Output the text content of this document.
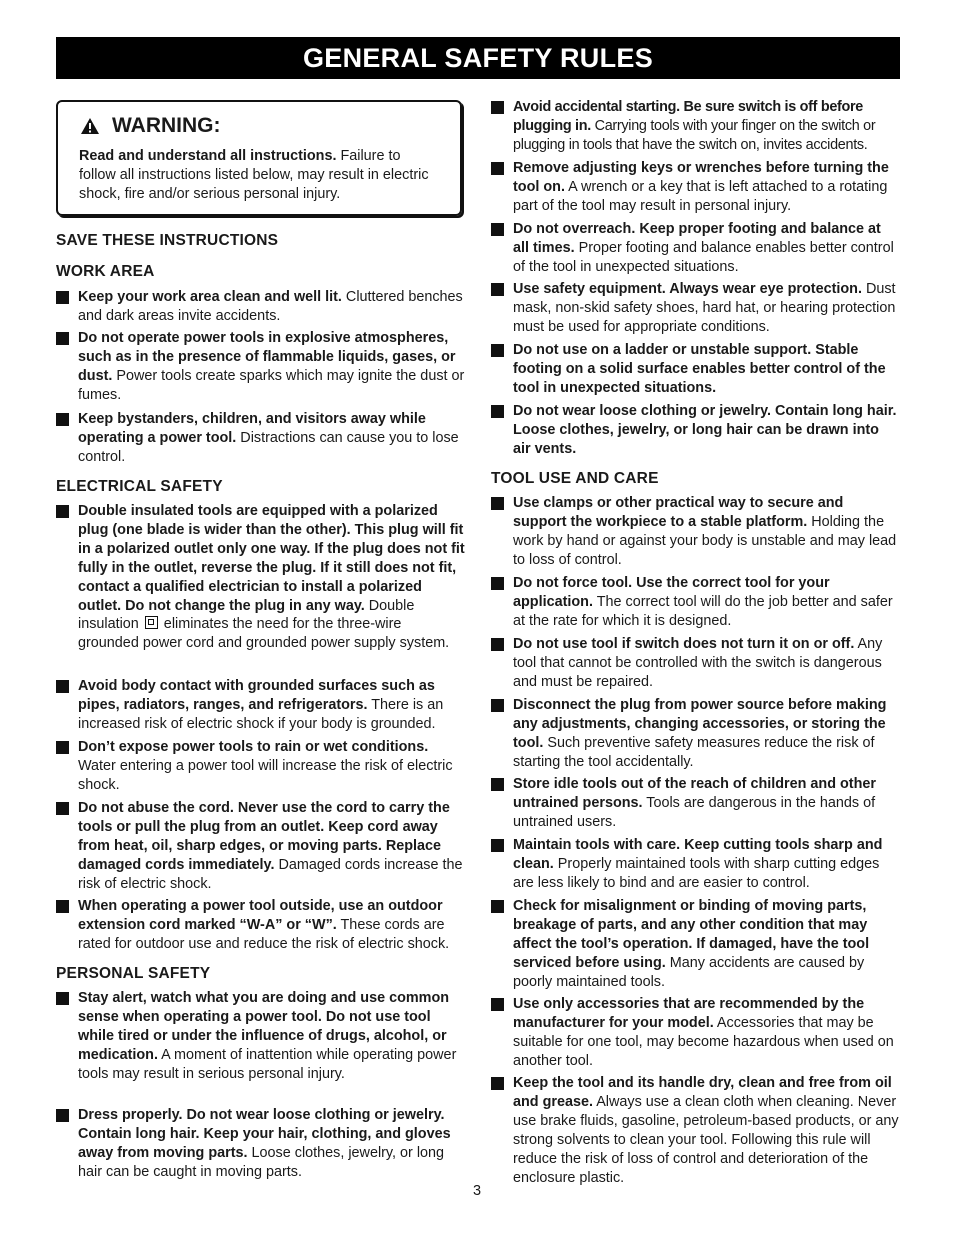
GENERAL SAFETY RULES
WARNING:
Read and understand all instructions. Failure to follow all instructions listed below, may result in electric shock, fire and/or serious personal injury.
SAVE THESE INSTRUCTIONS
WORK AREA
Keep your work area clean and well lit. Cluttered benches and dark areas invite accidents.
Do not operate power tools in explosive atmospheres, such as in the presence of flammable liquids, gases, or dust. Power tools create sparks which may ignite the dust or fumes.
Keep bystanders, children, and visitors away while operating a power tool. Distractions can cause you to lose control.
ELECTRICAL SAFETY
Double insulated tools are equipped with a polarized plug (one blade is wider than the other). This plug will fit in a polarized outlet only one way. If the plug does not fit fully in the outlet, reverse the plug. If it still does not fit, contact a qualified electrician to install a polarized outlet. Do not change the plug in any way. Double insulation  eliminates the need for the three-wire grounded power cord and grounded power supply system.
Avoid body contact with grounded surfaces such as pipes, radiators, ranges, and refrigerators. There is an increased risk of electric shock if your body is grounded.
Don’t expose power tools to rain or wet conditions. Water entering a power tool will increase the risk of electric shock.
Do not abuse the cord. Never use the cord to carry the tools or pull the plug from an outlet. Keep cord away from heat, oil, sharp edges, or moving parts. Replace damaged cords immediately. Damaged cords increase the risk of electric shock.
When operating a power tool outside, use an outdoor extension cord marked “W-A” or “W”. These cords are rated for outdoor use and reduce the risk of electric shock.
PERSONAL SAFETY
Stay alert, watch what you are doing and use common sense when operating a power tool. Do not use tool while tired or under the influence of drugs, alcohol, or medication. A moment of inattention while operating power tools may result in serious personal injury.
Dress properly. Do not wear loose clothing or jewelry. Contain long hair. Keep your hair, clothing, and gloves away from moving parts. Loose clothes, jewelry, or long hair can be caught in moving parts.
Avoid accidental starting. Be sure switch is off before plugging in. Carrying tools with your finger on the switch or plugging in tools that have the switch on, invites accidents.
Remove adjusting keys or wrenches before turning the tool on. A wrench or a key that is left attached to a rotating part of the tool may result in personal injury.
Do not overreach. Keep proper footing and balance at all times. Proper footing and balance enables better control of the tool in unexpected situations.
Use safety equipment. Always wear eye protection. Dust mask, non-skid safety shoes, hard hat, or hearing protection must be used for appropriate conditions.
Do not use on a ladder or unstable support. Stable footing on a solid surface enables better control of the tool in unexpected situations.
Do not wear loose clothing or jewelry. Contain long hair. Loose clothes, jewelry, or long hair can be drawn into air vents.
TOOL USE AND CARE
Use clamps or other practical way to secure and support the workpiece to a stable platform. Holding the work by hand or against your body is unstable and may lead to loss of control.
Do not force tool. Use the correct tool for your application. The correct tool will do the job better and safer at the rate for which it is designed.
Do not use tool if switch does not turn it on or off. Any tool that cannot be controlled with the switch is dangerous and must be repaired.
Disconnect the plug from power source before making any adjustments, changing accessories, or storing the tool. Such preventive safety measures reduce the risk of starting the tool accidentally.
Store idle tools out of the reach of children and other untrained persons. Tools are dangerous in the hands of untrained users.
Maintain tools with care. Keep cutting tools sharp and clean. Properly maintained tools with sharp cutting edges are less likely to bind and are easier to control.
Check for misalignment or binding of moving parts, breakage of parts, and any other condition that may affect the tool’s operation. If damaged, have the tool serviced before using. Many accidents are caused by poorly maintained tools.
Use only accessories that are recommended by the manufacturer for your model. Accessories that may be suitable for one tool, may become hazardous when used on another tool.
Keep the tool and its handle dry, clean and free from oil and grease. Always use a clean cloth when cleaning. Never use brake fluids, gasoline, petroleum-based products, or any strong solvents to clean your tool. Following this rule will reduce the risk of loss of control and deterioration of the enclosure plastic.
3
